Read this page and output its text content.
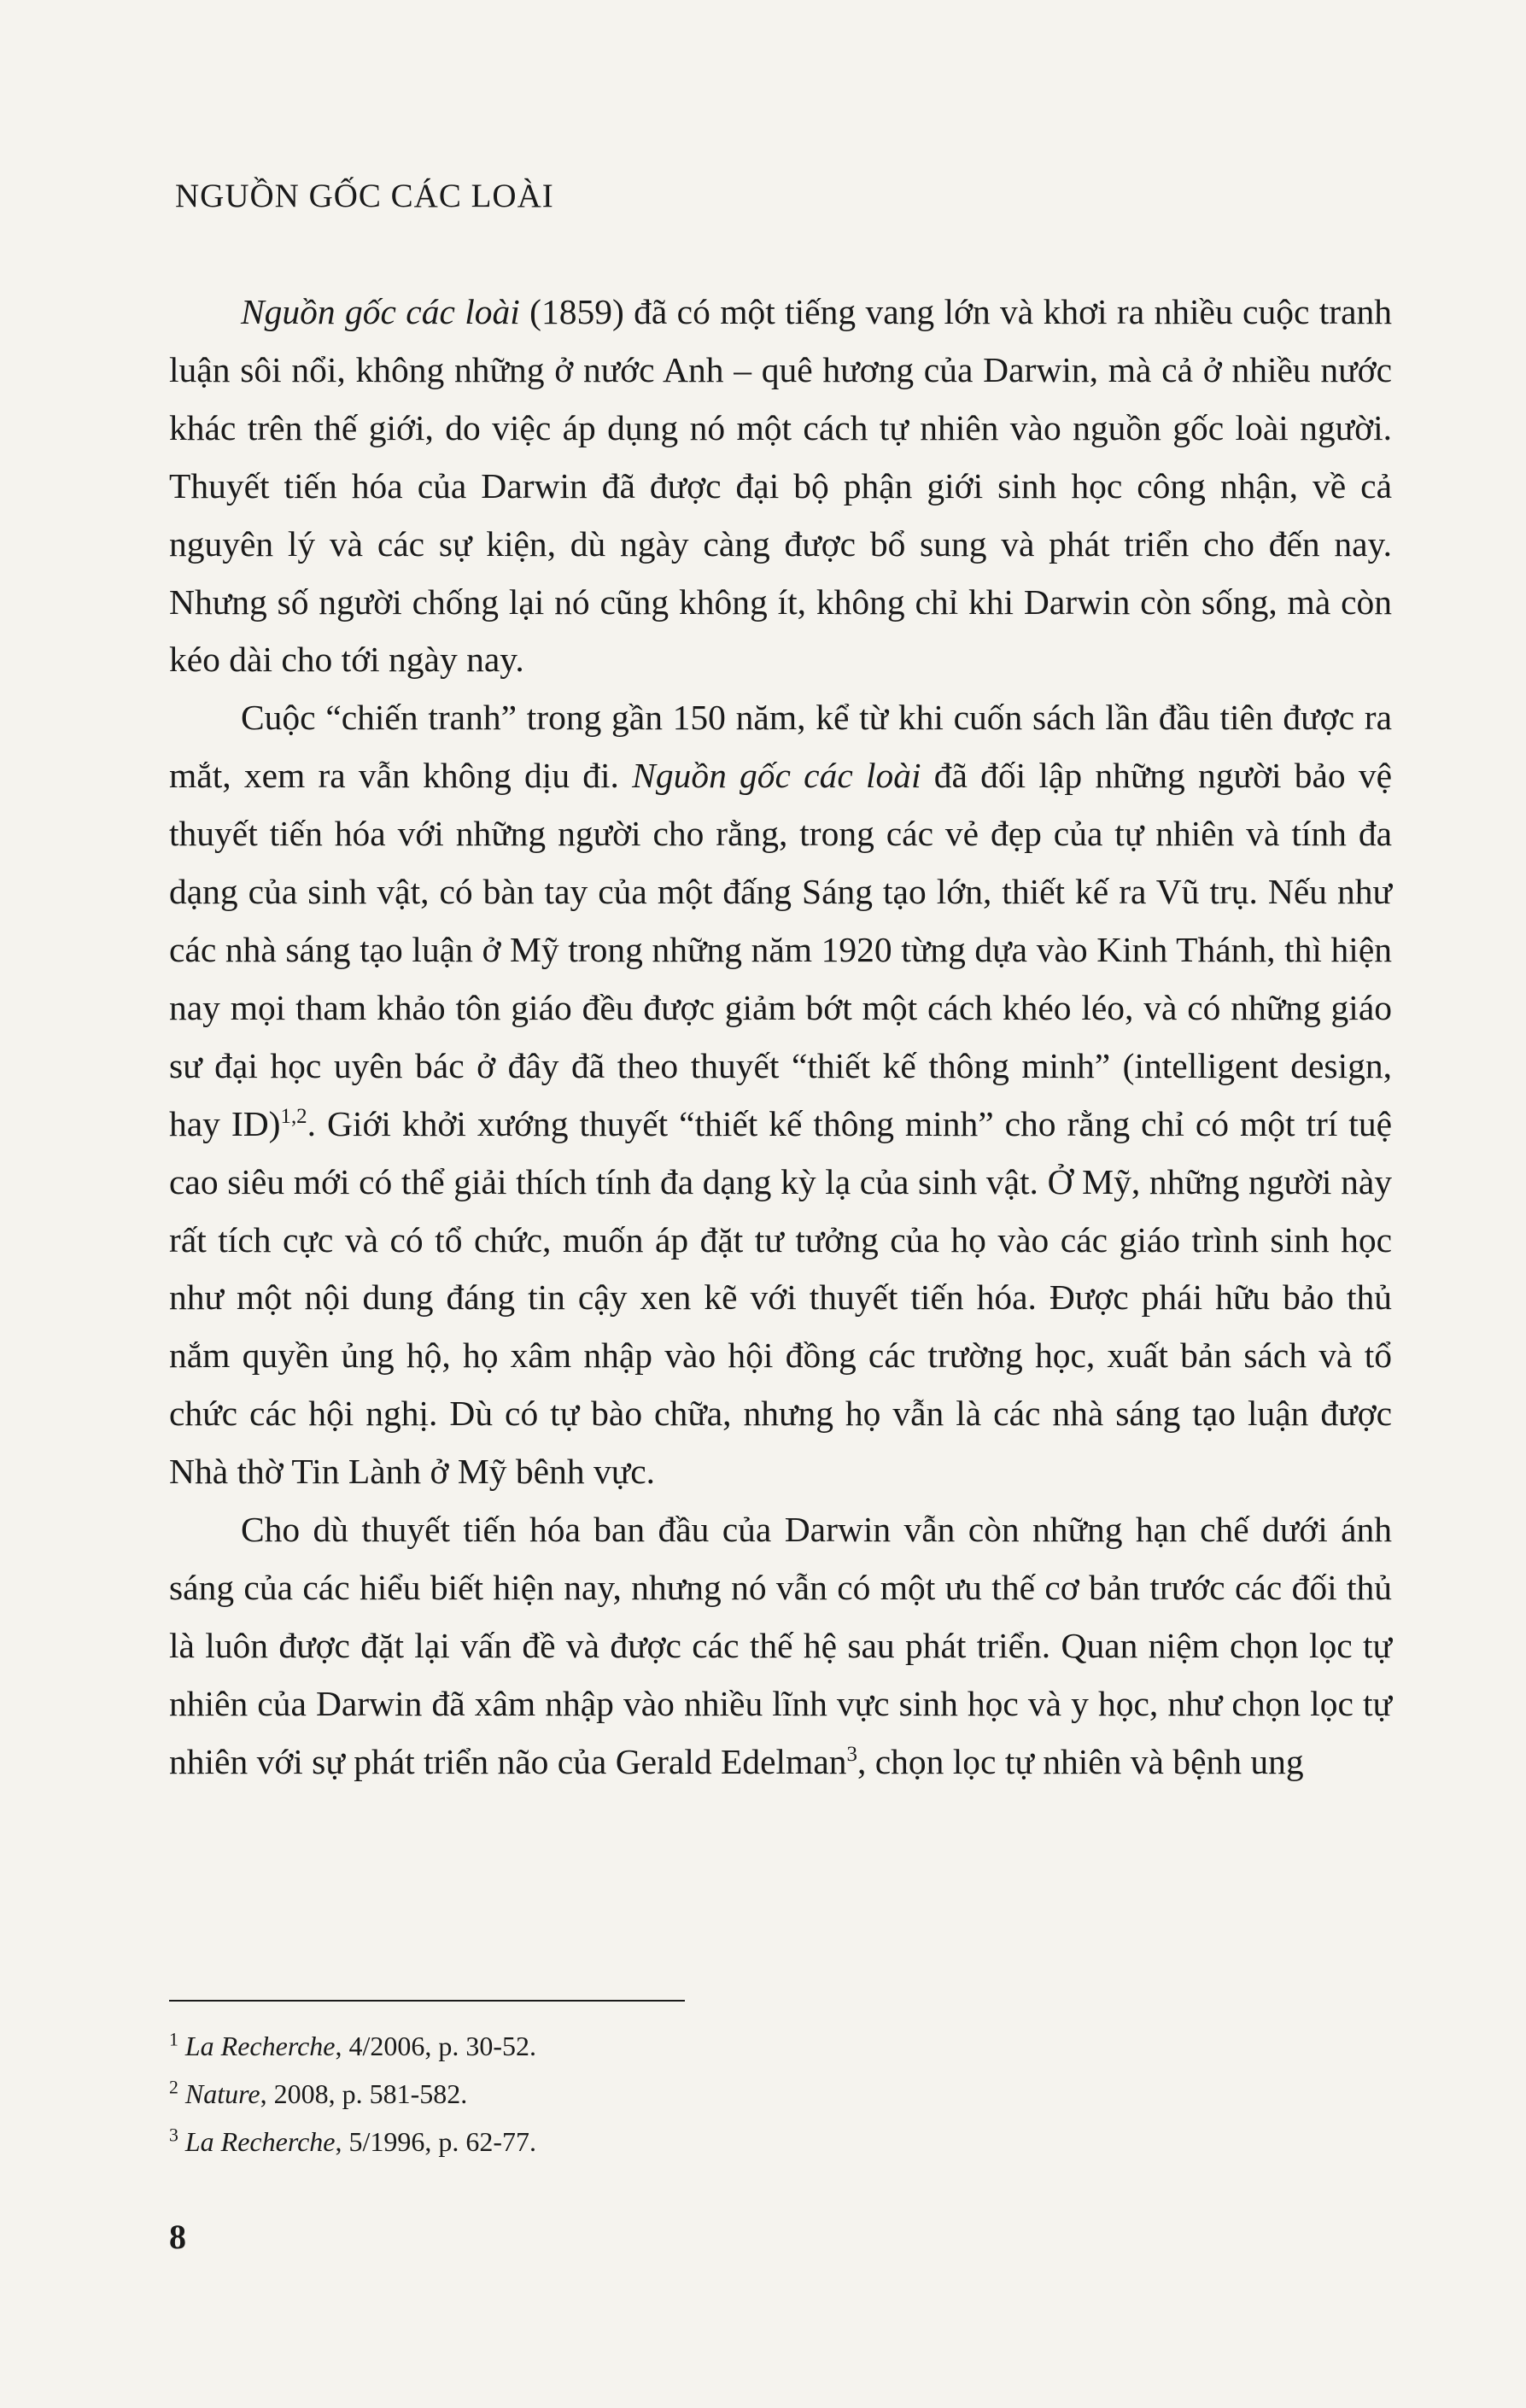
NGUỒN GỐC CÁC LOÀI

Nguồn gốc các loài (1859) đã có một tiếng vang lớn và khơi ra nhiều cuộc tranh luận sôi nổi, không những ở nước Anh – quê hương của Darwin, mà cả ở nhiều nước khác trên thế giới, do việc áp dụng nó một cách tự nhiên vào nguồn gốc loài người. Thuyết tiến hóa của Darwin đã được đại bộ phận giới sinh học công nhận, về cả nguyên lý và các sự kiện, dù ngày càng được bổ sung và phát triển cho đến nay. Nhưng số người chống lại nó cũng không ít, không chỉ khi Darwin còn sống, mà còn kéo dài cho tới ngày nay.

Cuộc “chiến tranh” trong gần 150 năm, kể từ khi cuốn sách lần đầu tiên được ra mắt, xem ra vẫn không dịu đi. Nguồn gốc các loài đã đối lập những người bảo vệ thuyết tiến hóa với những người cho rằng, trong các vẻ đẹp của tự nhiên và tính đa dạng của sinh vật, có bàn tay của một đấng Sáng tạo lớn, thiết kế ra Vũ trụ. Nếu như các nhà sáng tạo luận ở Mỹ trong những năm 1920 từng dựa vào Kinh Thánh, thì hiện nay mọi tham khảo tôn giáo đều được giảm bớt một cách khéo léo, và có những giáo sư đại học uyên bác ở đây đã theo thuyết “thiết kế thông minh” (intelligent design, hay ID)$^{1,2}$. Giới khởi xướng thuyết “thiết kế thông minh” cho rằng chỉ có một trí tuệ cao siêu mới có thể giải thích tính đa dạng kỳ lạ của sinh vật. Ở Mỹ, những người này rất tích cực và có tổ chức, muốn áp đặt tư tưởng của họ vào các giáo trình sinh học như một nội dung đáng tin cậy xen kẽ với thuyết tiến hóa. Được phái hữu bảo thủ nắm quyền ủng hộ, họ xâm nhập vào hội đồng các trường học, xuất bản sách và tổ chức các hội nghị. Dù có tự bào chữa, nhưng họ vẫn là các nhà sáng tạo luận được Nhà thờ Tin Lành ở Mỹ bênh vực.

Cho dù thuyết tiến hóa ban đầu của Darwin vẫn còn những hạn chế dưới ánh sáng của các hiểu biết hiện nay, nhưng nó vẫn có một ưu thế cơ bản trước các đối thủ là luôn được đặt lại vấn đề và được các thế hệ sau phát triển. Quan niệm chọn lọc tự nhiên của Darwin đã xâm nhập vào nhiều lĩnh vực sinh học và y học, như chọn lọc tự nhiên với sự phát triển não của Gerald Edelman$^3$, chọn lọc tự nhiên và bệnh ung

$^1$ La Recherche, 4/2006, p. 30-52.
$^2$ Nature, 2008, p. 581-582.
$^3$ La Recherche, 5/1996, p. 62-77.
8
